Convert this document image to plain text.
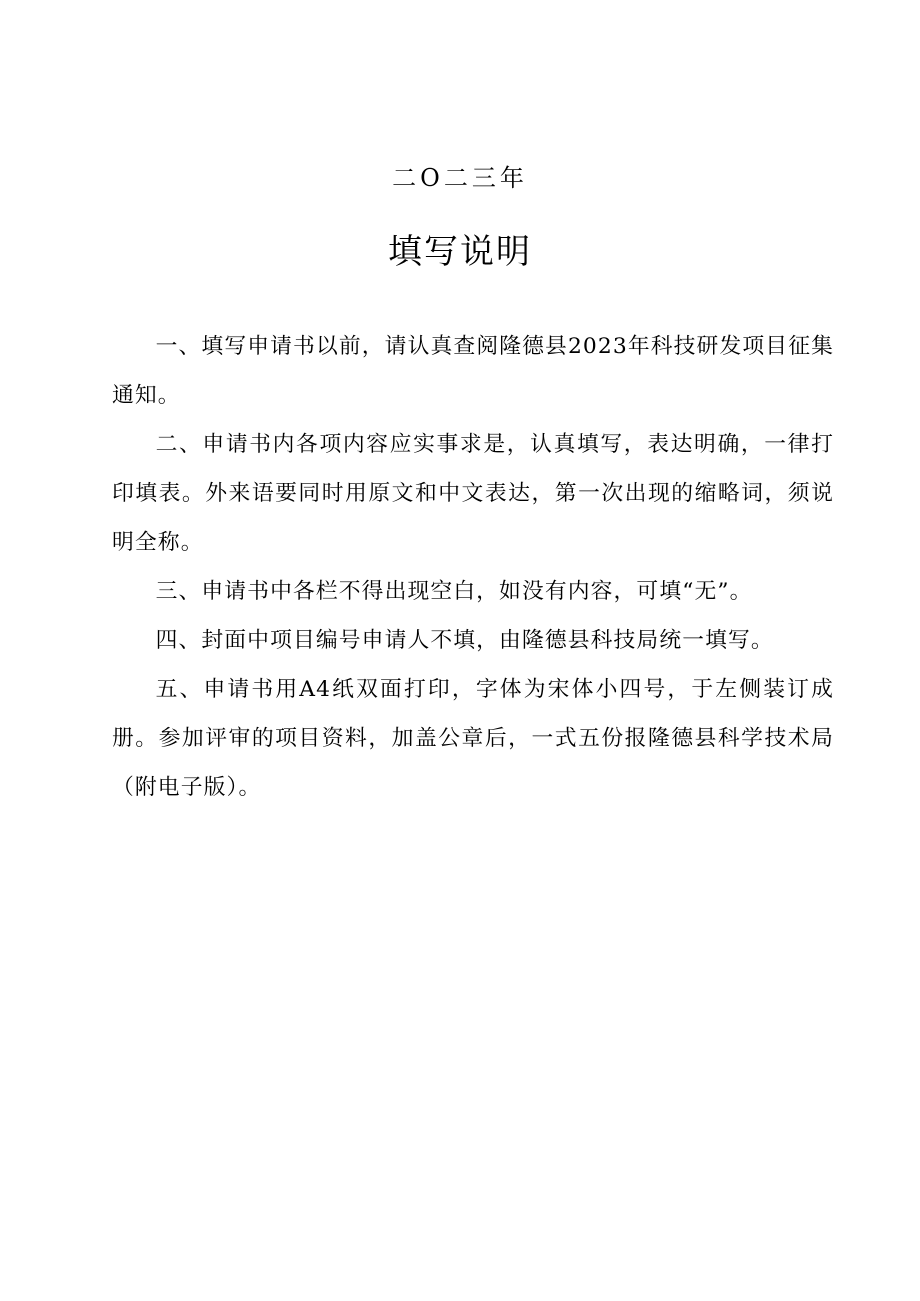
二O二三年
填写说明

一、填写申请书以前，请认真查阅隆德县2023年科技研发项目征集通知。

二、申请书内各项内容应实事求是，认真填写，表达明确，一律打印填表。外来语要同时用原文和中文表达，第一次出现的缩略词，须说明全称。

三、申请书中各栏不得出现空白，如没有内容，可填“无”。

四、封面中项目编号申请人不填，由隆德县科技局统一填写。

五、申请书用A4纸双面打印，字体为宋体小四号，于左侧装订成册。参加评审的项目资料，加盖公章后，一式五份报隆德县科学技术局（附电子版）。
